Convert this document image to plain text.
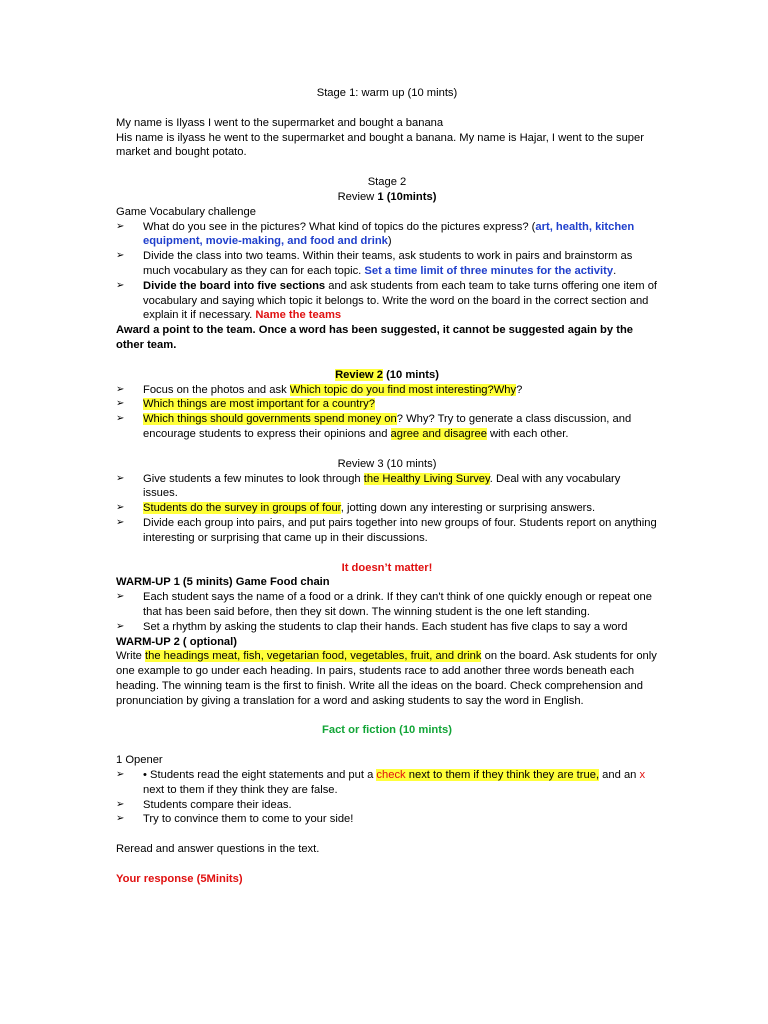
Stage 1: warm up (10 mints)

My name is Ilyass I went to the supermarket and bought a banana

His name is ilyass he went to the supermarket and bought a banana. My name is Hajar, I went to the super market and bought potato.

Stage 2

Review 1 (10mints)

Game Vocabulary challenge

➢ What do you see in the pictures? What kind of topics do the pictures express? (art, health, kitchen equipment, movie-making, and food and drink)
➢ Divide the class into two teams. Within their teams, ask students to work in pairs and brainstorm as much vocabulary as they can for each topic. Set a time limit of three minutes for the activity.
➢ Divide the board into five sections and ask students from each team to take turns offering one item of vocabulary and saying which topic it belongs to. Write the word on the board in the correct section and explain it if necessary. Name the teams

Award a point to the team. Once a word has been suggested, it cannot be suggested again by the other team.

Review 2 (10 mints)

➢ Focus on the photos and ask Which topic do you find most interesting?Why?
➢ Which things are most important for a country?
➢ Which things should governments spend money on? Why? Try to generate a class discussion, and encourage students to express their opinions and agree and disagree with each other.

Review 3 (10 mints)

➢ Give students a few minutes to look through the Healthy Living Survey. Deal with any vocabulary issues.
➢ Students do the survey in groups of four, jotting down any interesting or surprising answers.
➢ Divide each group into pairs, and put pairs together into new groups of four. Students report on anything interesting or surprising that came up in their discussions.

It doesn’t matter!

WARM-UP 1 (5 minits) Game Food chain

➢ Each student says the name of a food or a drink. If they can't think of one quickly enough or repeat one that has been said before, then they sit down. The winning student is the one left standing.
➢ Set a rhythm by asking the students to clap their hands. Each student has five claps to say a word

WARM-UP 2 ( optional)

Write the headings meat, fish, vegetarian food, vegetables, fruit, and drink on the board. Ask students for only one example to go under each heading. In pairs, students race to add another three words beneath each heading. The winning team is the first to finish. Write all the ideas on the board. Check comprehension and pronunciation by giving a translation for a word and asking students to say the word in English.

Fact or fiction (10 mints)

1 Opener

➢ • Students read the eight statements and put a check next to them if they think they are true, and an x next to them if they think they are false.
➢ Students compare their ideas.
➢ Try to convince them to come to your side!

Reread and answer questions in the text.

Your response (5Minits)
